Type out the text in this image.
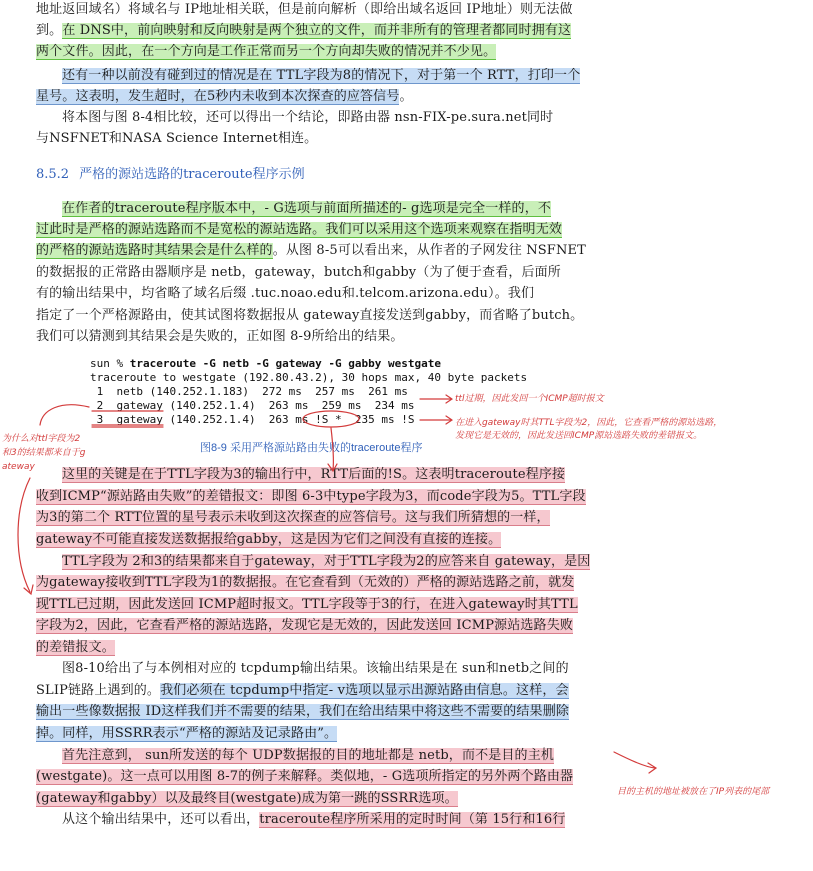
地址返回域名）将域名与 IP地址相关联，但是前向解析（即给出域名返回 IP地址）则无法做
到。在 DNS中，前向映射和反向映射是两个独立的文件，而并非所有的管理者都同时拥有这
两个文件。因此，在一个方向是工作正常而另一个方向却失败的情况并不少见。
还有一种以前没有碰到过的情况是在 TTL字段为8的情况下，对于第一个 RTT，打印一个
星号。这表明，发生超时，在5秒内未收到本次探查的应答信号。
将本图与图 8-4相比较，还可以得出一个结论，即路由器 nsn-FIX-pe.sura.net同时
与NSFNET和NASA Science Internet相连。
8.5.2 严格的源站选路的traceroute程序示例
在作者的traceroute程序版本中，- G选项与前面所描述的- g选项是完全一样的，不
过此时是严格的源站选路而不是宽松的源站选路。我们可以采用这个选项来观察在指明无效
的严格的源站选路时其结果会是什么样的。从图 8-5可以看出来，从作者的子网发往 NSFNET
的数据报的正常路由器顺序是 netb，gateway，butch和gabby（为了便于查看，后面所
有的输出结果中，均省略了域名后缀 .tuc.noao.edu和.telcom.arizona.edu）。我们
指定了一个严格源路由，使其试图将数据报从 gateway直接发送到gabby，而省略了butch。
我们可以猜测到其结果会是失败的，正如图 8-9所给出的结果。
sun % traceroute -G netb -G gateway -G gabby westgate
traceroute to westgate (192.80.43.2), 30 hops max, 40 byte packets
1  netb (140.252.1.183)  272 ms  257 ms  261 ms
2  gateway (140.252.1.4)  263 ms  259 ms  234 ms
3  gateway (140.252.1.4)  263 ms !S *  235 ms !S
图8-9 采用严格源站路由失败的traceroute程序
ttl过期，因此发回一个ICMP超时报文
在进入gateway时其TTL字段为2，因此，它查看严格的源站选路，
发现它是无效的，因此发送回ICMP源站选路失败的差错报文。
为什么对ttl字段为2
和3的结果都来自于g
ateway
目的主机的地址被放在了IP列表的尾部
这里的关键是在于TTL字段为3的输出行中，RTT后面的!S。这表明traceroute程序接
收到ICMP“源站路由失败”的差错报文：即图 6-3中type字段为3，而code字段为5。TTL字段
为3的第二个 RTT位置的星号表示未收到这次探查的应答信号。这与我们所猜想的一样，
gateway不可能直接发送数据报给gabby，这是因为它们之间没有直接的连接。
TTL字段为 2和3的结果都来自于gateway，对于TTL字段为2的应答来自 gateway，是因
为gateway接收到TTL字段为1的数据报。在它查看到（无效的）严格的源站选路之前，就发
现TTL已过期，因此发送回 ICMP超时报文。TTL字段等于3的行，在进入gateway时其TTL
字段为2，因此，它查看严格的源站选路，发现它是无效的，因此发送回 ICMP源站选路失败
的差错报文。
图8-10给出了与本例相对应的 tcpdump输出结果。该输出结果是在 sun和netb之间的
SLIP链路上遇到的。我们必须在 tcpdump中指定- v选项以显示出源站路由信息。这样，会
输出一些像数据报 ID这样我们并不需要的结果，我们在给出结果中将这些不需要的结果删除
掉。同样，用SSRR表示“严格的源站及记录路由”。
首先注意到， sun所发送的每个 UDP数据报的目的地址都是 netb，而不是目的主机
(westgate)。这一点可以用图 8-7的例子来解释。类似地，- G选项所指定的另外两个路由器
(gateway和gabby）以及最终目(westgate)成为第一跳的SSRR选项。
从这个输出结果中，还可以看出，traceroute程序所采用的定时时间（第 15行和16行
